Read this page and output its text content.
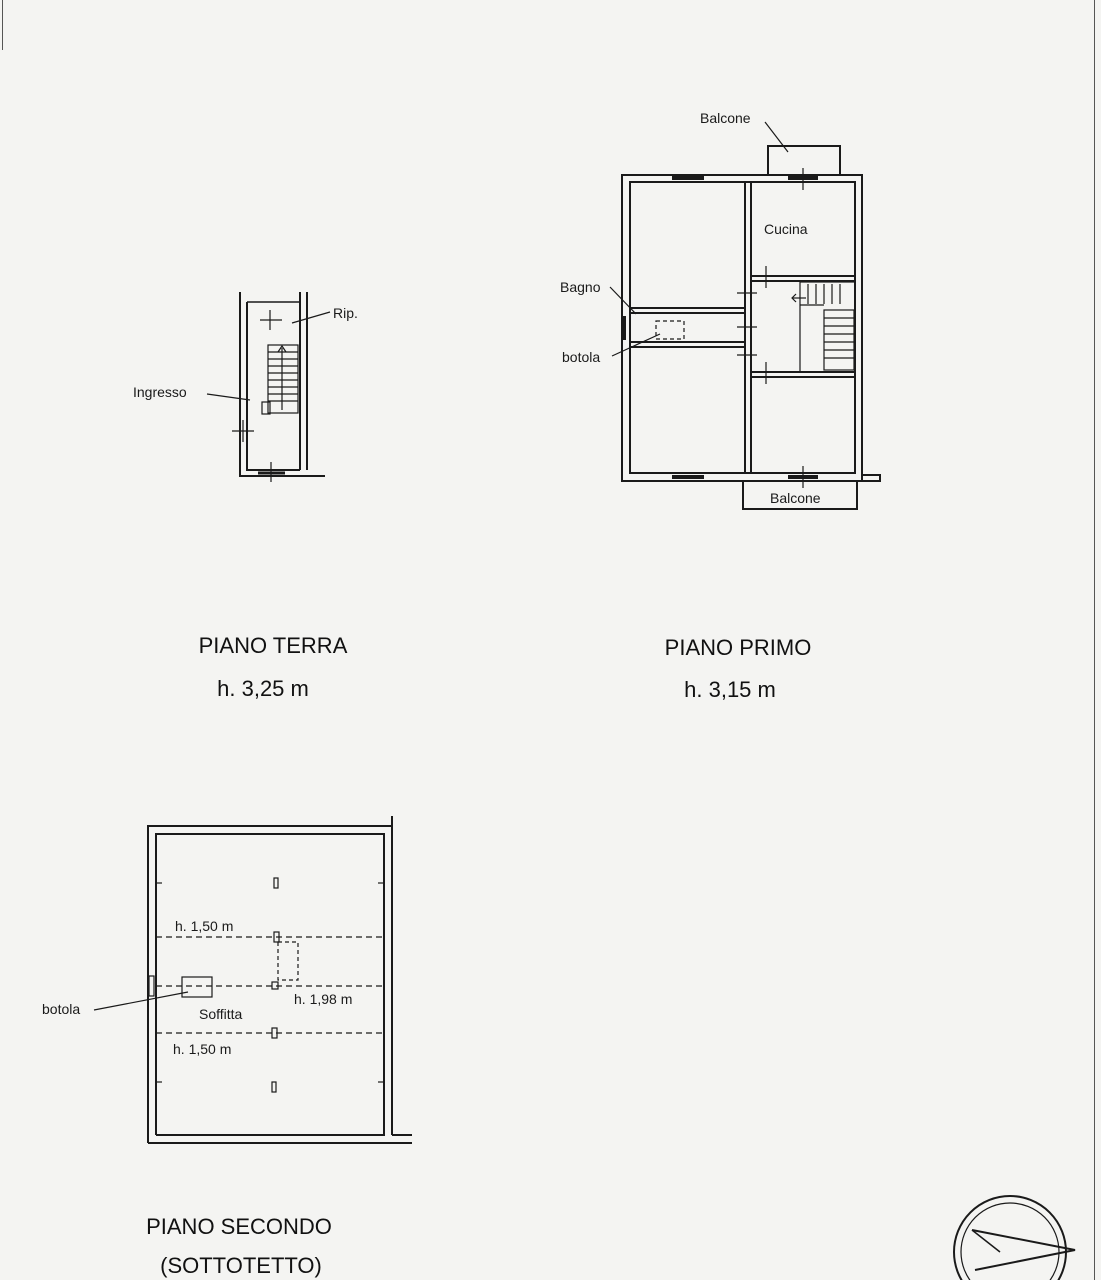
Rip.
Ingresso
PIANO TERRA
h. 3,25 m
Balcone
Cucina
Bagno
botola
Balcone
PIANO PRIMO
h. 3,15 m
h. 1,50 m
h. 1,98 m
Soffitta
h. 1,50 m
botola
PIANO SECONDO
(SOTTOTETTO)
